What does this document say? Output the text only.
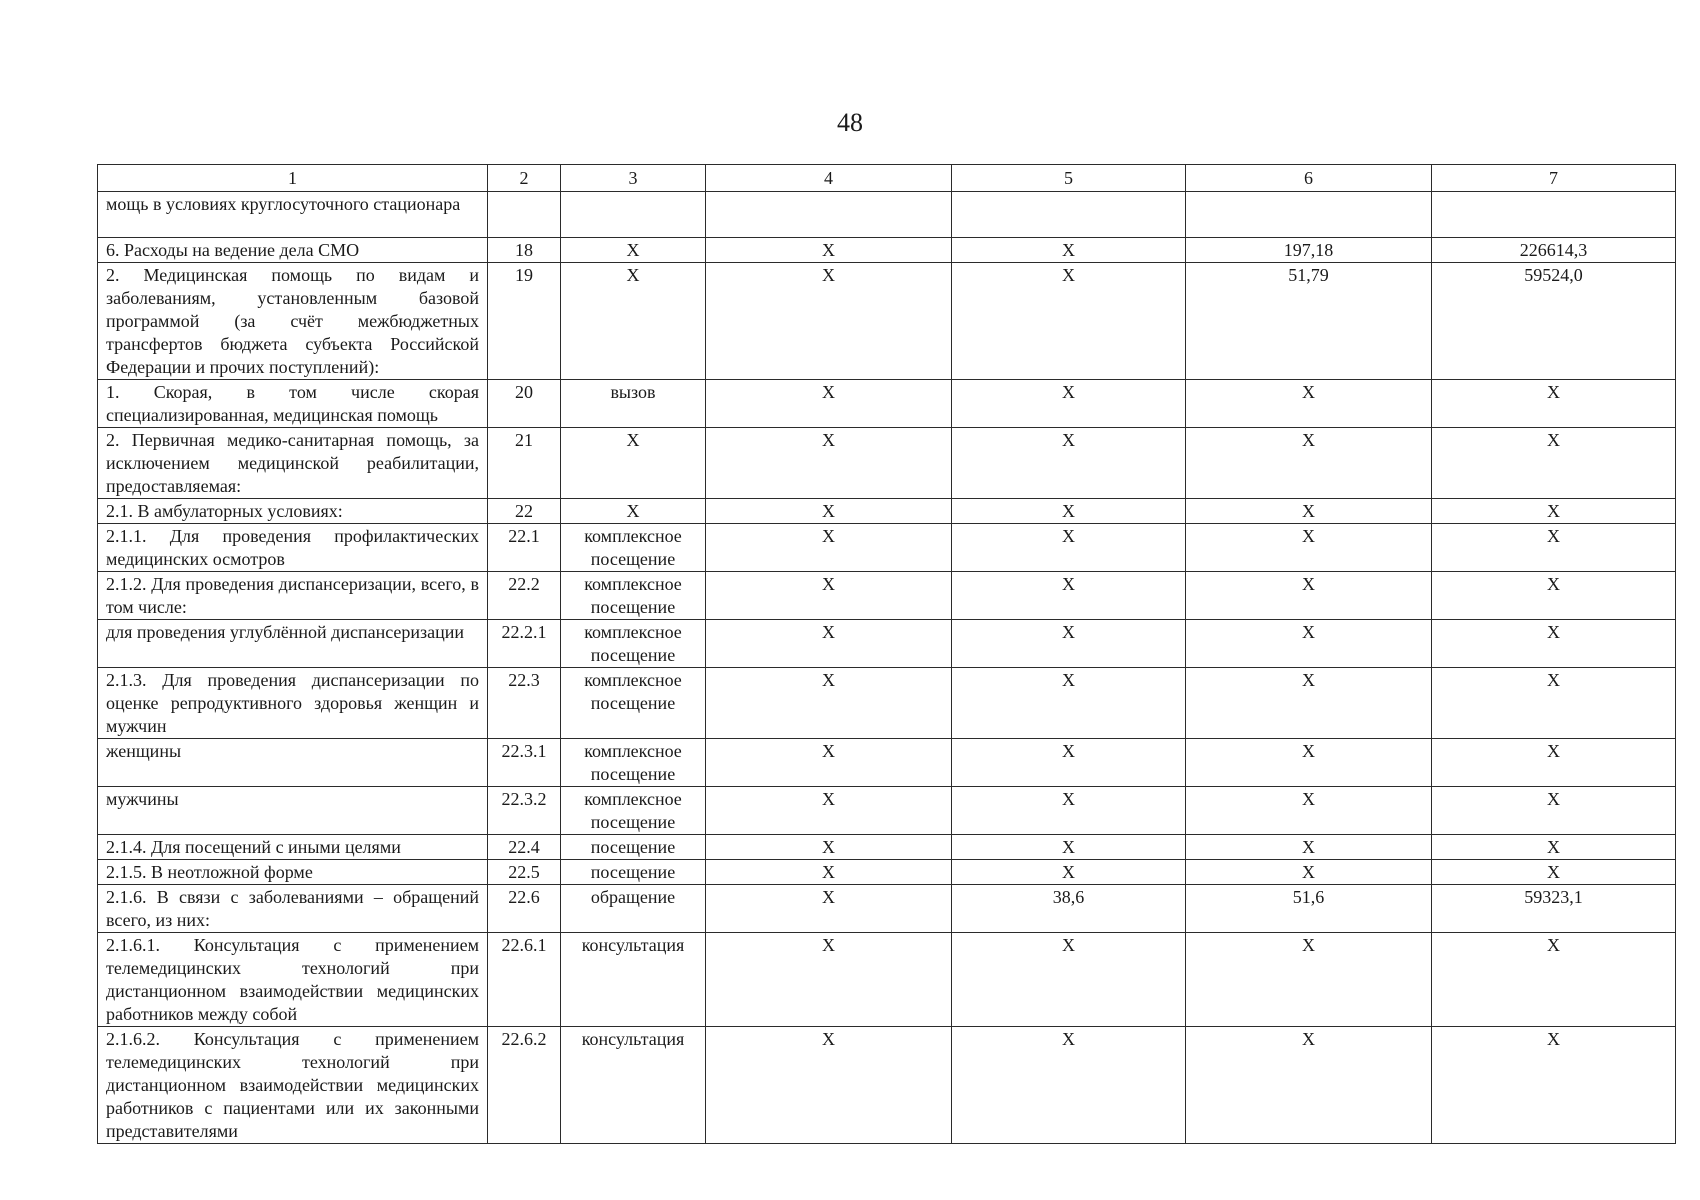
48
1	2	3	4	5	6	7
мощь в условиях круглосуточного стационара						
6. Расходы на ведение дела СМО	18	X	X	X	197,18	226614,3
2. Медицинская помощь по видам и заболеваниям, установленным базовой программой (за счёт межбюджетных трансфертов бюджета субъекта Российской Федерации и прочих поступлений):	19	X	X	X	51,79	59524,0
1. Скорая, в том числе скорая специализированная, медицинская помощь	20	вызов	X	X	X	X
2. Первичная медико-санитарная помощь, за исключением медицинской реабилитации, предоставляемая:	21	X	X	X	X	X
2.1. В амбулаторных условиях:	22	X	X	X	X	X
2.1.1. Для проведения профилактических медицинских осмотров	22.1	комплексное посещение	X	X	X	X
2.1.2. Для проведения диспансеризации, всего, в том числе:	22.2	комплексное посещение	X	X	X	X
для проведения углублённой диспансеризации	22.2.1	комплексное посещение	X	X	X	X
2.1.3. Для проведения диспансеризации по оценке репродуктивного здоровья женщин и мужчин	22.3	комплексное посещение	X	X	X	X
женщины	22.3.1	комплексное посещение	X	X	X	X
мужчины	22.3.2	комплексное посещение	X	X	X	X
2.1.4. Для посещений с иными целями	22.4	посещение	X	X	X	X
2.1.5. В неотложной форме	22.5	посещение	X	X	X	X
2.1.6. В связи с заболеваниями – обращений всего, из них:	22.6	обращение	X	38,6	51,6	59323,1
2.1.6.1. Консультация с применением телемедицинских технологий при дистанционном взаимодействии медицинских работников между собой	22.6.1	консультация	X	X	X	X
2.1.6.2. Консультация с применением телемедицинских технологий при дистанционном взаимодействии медицинских работников с пациентами или их законными представителями	22.6.2	консультация	X	X	X	X
